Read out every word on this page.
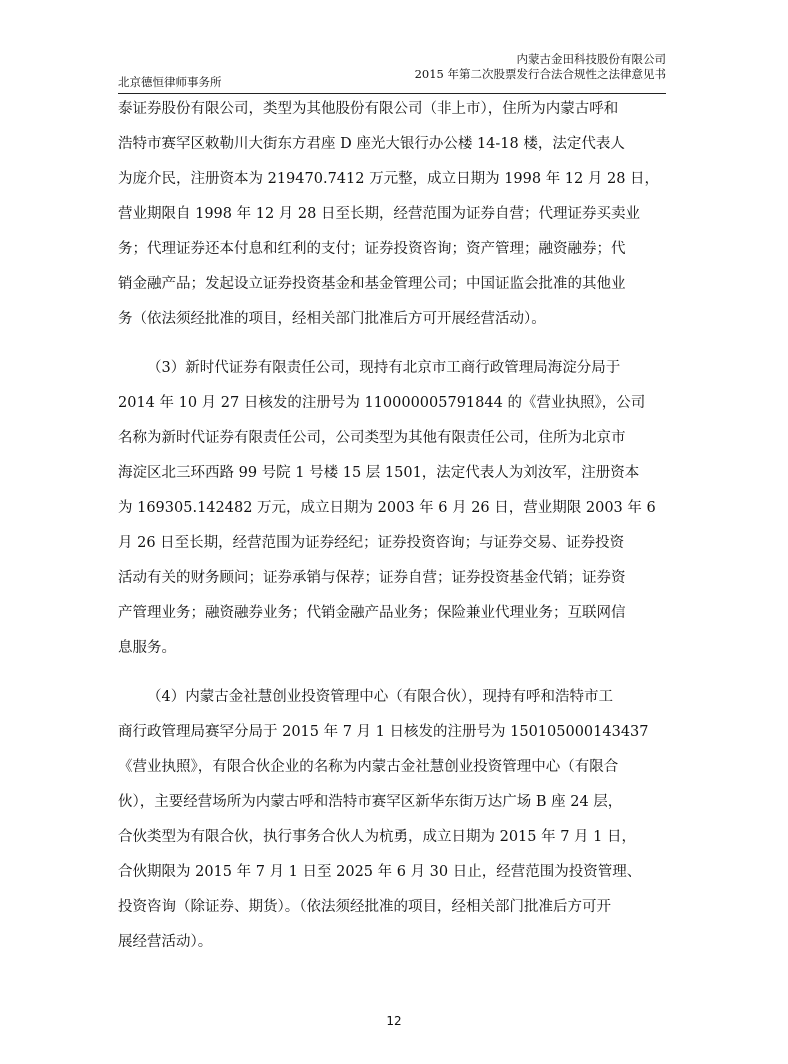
内蒙古金田科技股份有限公司
2015 年第二次股票发行合法合规性之法律意见书
北京德恒律师事务所
泰证券股份有限公司，类型为其他股份有限公司（非上市），住所为内蒙古呼和
浩特市赛罕区敕勒川大街东方君座 D 座光大银行办公楼 14-18 楼，法定代表人
为庞介民，注册资本为 219470.7412 万元整，成立日期为 1998 年 12 月 28 日，
营业期限自 1998 年 12 月 28 日至长期，经营范围为证券自营；代理证券买卖业
务；代理证券还本付息和红利的支付；证券投资咨询；资产管理；融资融券；代
销金融产品；发起设立证券投资基金和基金管理公司；中国证监会批准的其他业
务（依法须经批准的项目，经相关部门批准后方可开展经营活动）。
（3）新时代证券有限责任公司，现持有北京市工商行政管理局海淀分局于
2014 年 10 月 27 日核发的注册号为 110000005791844 的《营业执照》，公司
名称为新时代证券有限责任公司，公司类型为其他有限责任公司，住所为北京市
海淀区北三环西路 99 号院 1 号楼 15 层 1501，法定代表人为刘汝军，注册资本
为 169305.142482 万元，成立日期为 2003 年 6 月 26 日，营业期限 2003 年 6
月 26 日至长期，经营范围为证券经纪；证券投资咨询；与证券交易、证券投资
活动有关的财务顾问；证券承销与保荐；证券自营；证券投资基金代销；证券资
产管理业务；融资融券业务；代销金融产品业务；保险兼业代理业务；互联网信
息服务。
（4）内蒙古金社慧创业投资管理中心（有限合伙），现持有呼和浩特市工
商行政管理局赛罕分局于 2015 年 7 月 1 日核发的注册号为 150105000143437
《营业执照》，有限合伙企业的名称为内蒙古金社慧创业投资管理中心（有限合
伙），主要经营场所为内蒙古呼和浩特市赛罕区新华东街万达广场 B 座 24 层，
合伙类型为有限合伙，执行事务合伙人为杭勇，成立日期为 2015 年 7 月 1 日，
合伙期限为 2015 年 7 月 1 日至 2025 年 6 月 30 日止，经营范围为投资管理、
投资咨询（除证券、期货）。（依法须经批准的项目，经相关部门批准后方可开
展经营活动）。
12
